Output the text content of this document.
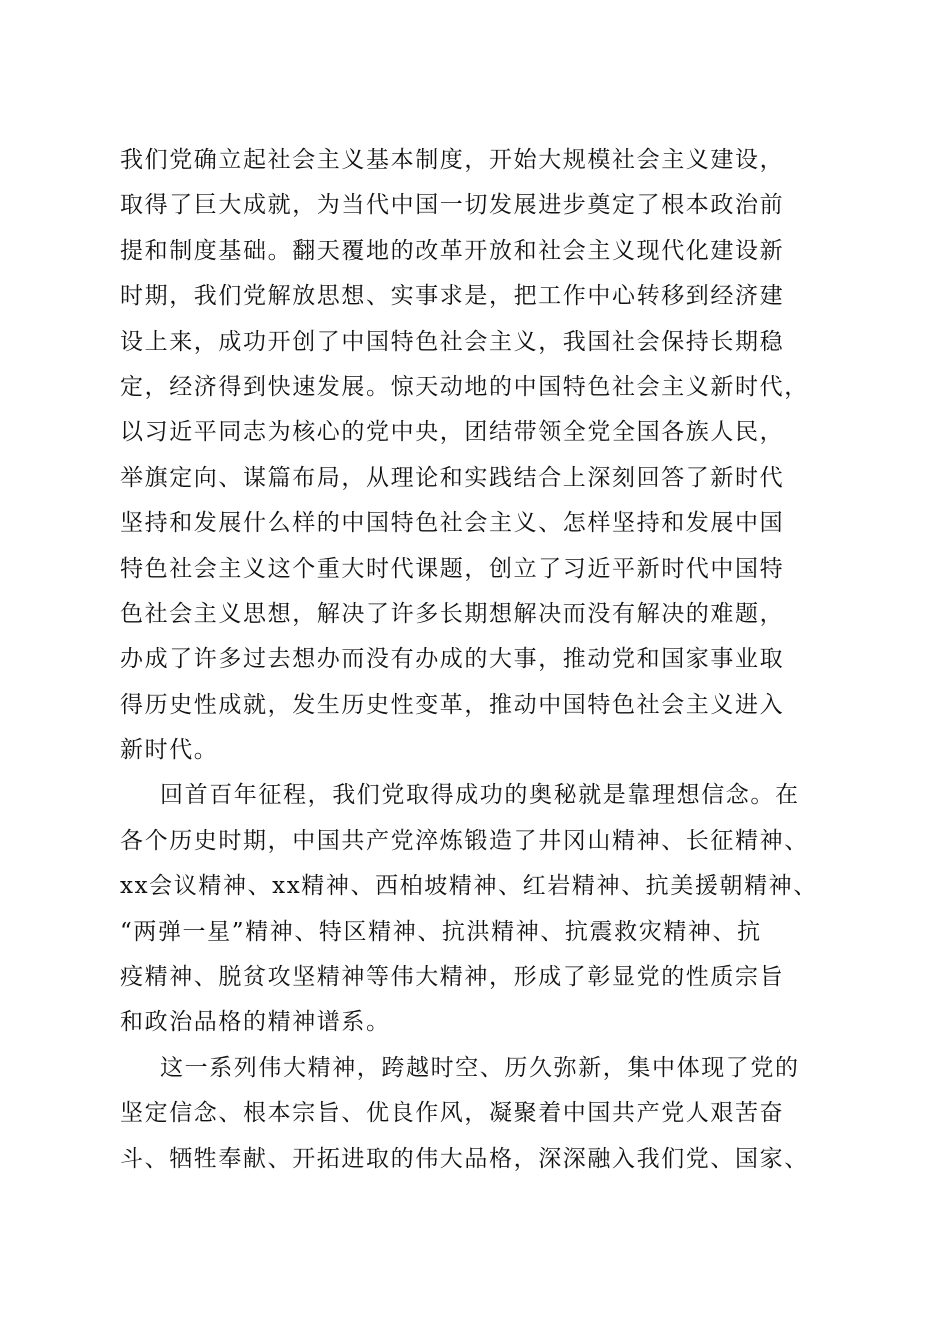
我们党确立起社会主义基本制度，开始大规模社会主义建设，
取得了巨大成就，为当代中国一切发展进步奠定了根本政治前
提和制度基础。翻天覆地的改革开放和社会主义现代化建设新
时期，我们党解放思想、实事求是，把工作中心转移到经济建
设上来，成功开创了中国特色社会主义，我国社会保持长期稳
定，经济得到快速发展。惊天动地的中国特色社会主义新时代，
以习近平同志为核心的党中央，团结带领全党全国各族人民，
举旗定向、谋篇布局，从理论和实践结合上深刻回答了新时代
坚持和发展什么样的中国特色社会主义、怎样坚持和发展中国
特色社会主义这个重大时代课题，创立了习近平新时代中国特
色社会主义思想，解决了许多长期想解决而没有解决的难题，
办成了许多过去想办而没有办成的大事，推动党和国家事业取
得历史性成就，发生历史性变革，推动中国特色社会主义进入
新时代。
回首百年征程，我们党取得成功的奥秘就是靠理想信念。在
各个历史时期，中国共产党淬炼锻造了井冈山精神、长征精神、
xx会议精神、xx精神、西柏坡精神、红岩精神、抗美援朝精神、
“两弹一星”精神、特区精神、抗洪精神、抗震救灾精神、抗
疫精神、脱贫攻坚精神等伟大精神，形成了彰显党的性质宗旨
和政治品格的精神谱系。
这一系列伟大精神，跨越时空、历久弥新，集中体现了党的
坚定信念、根本宗旨、优良作风，凝聚着中国共产党人艰苦奋
斗、牺牲奉献、开拓进取的伟大品格，深深融入我们党、国家、
